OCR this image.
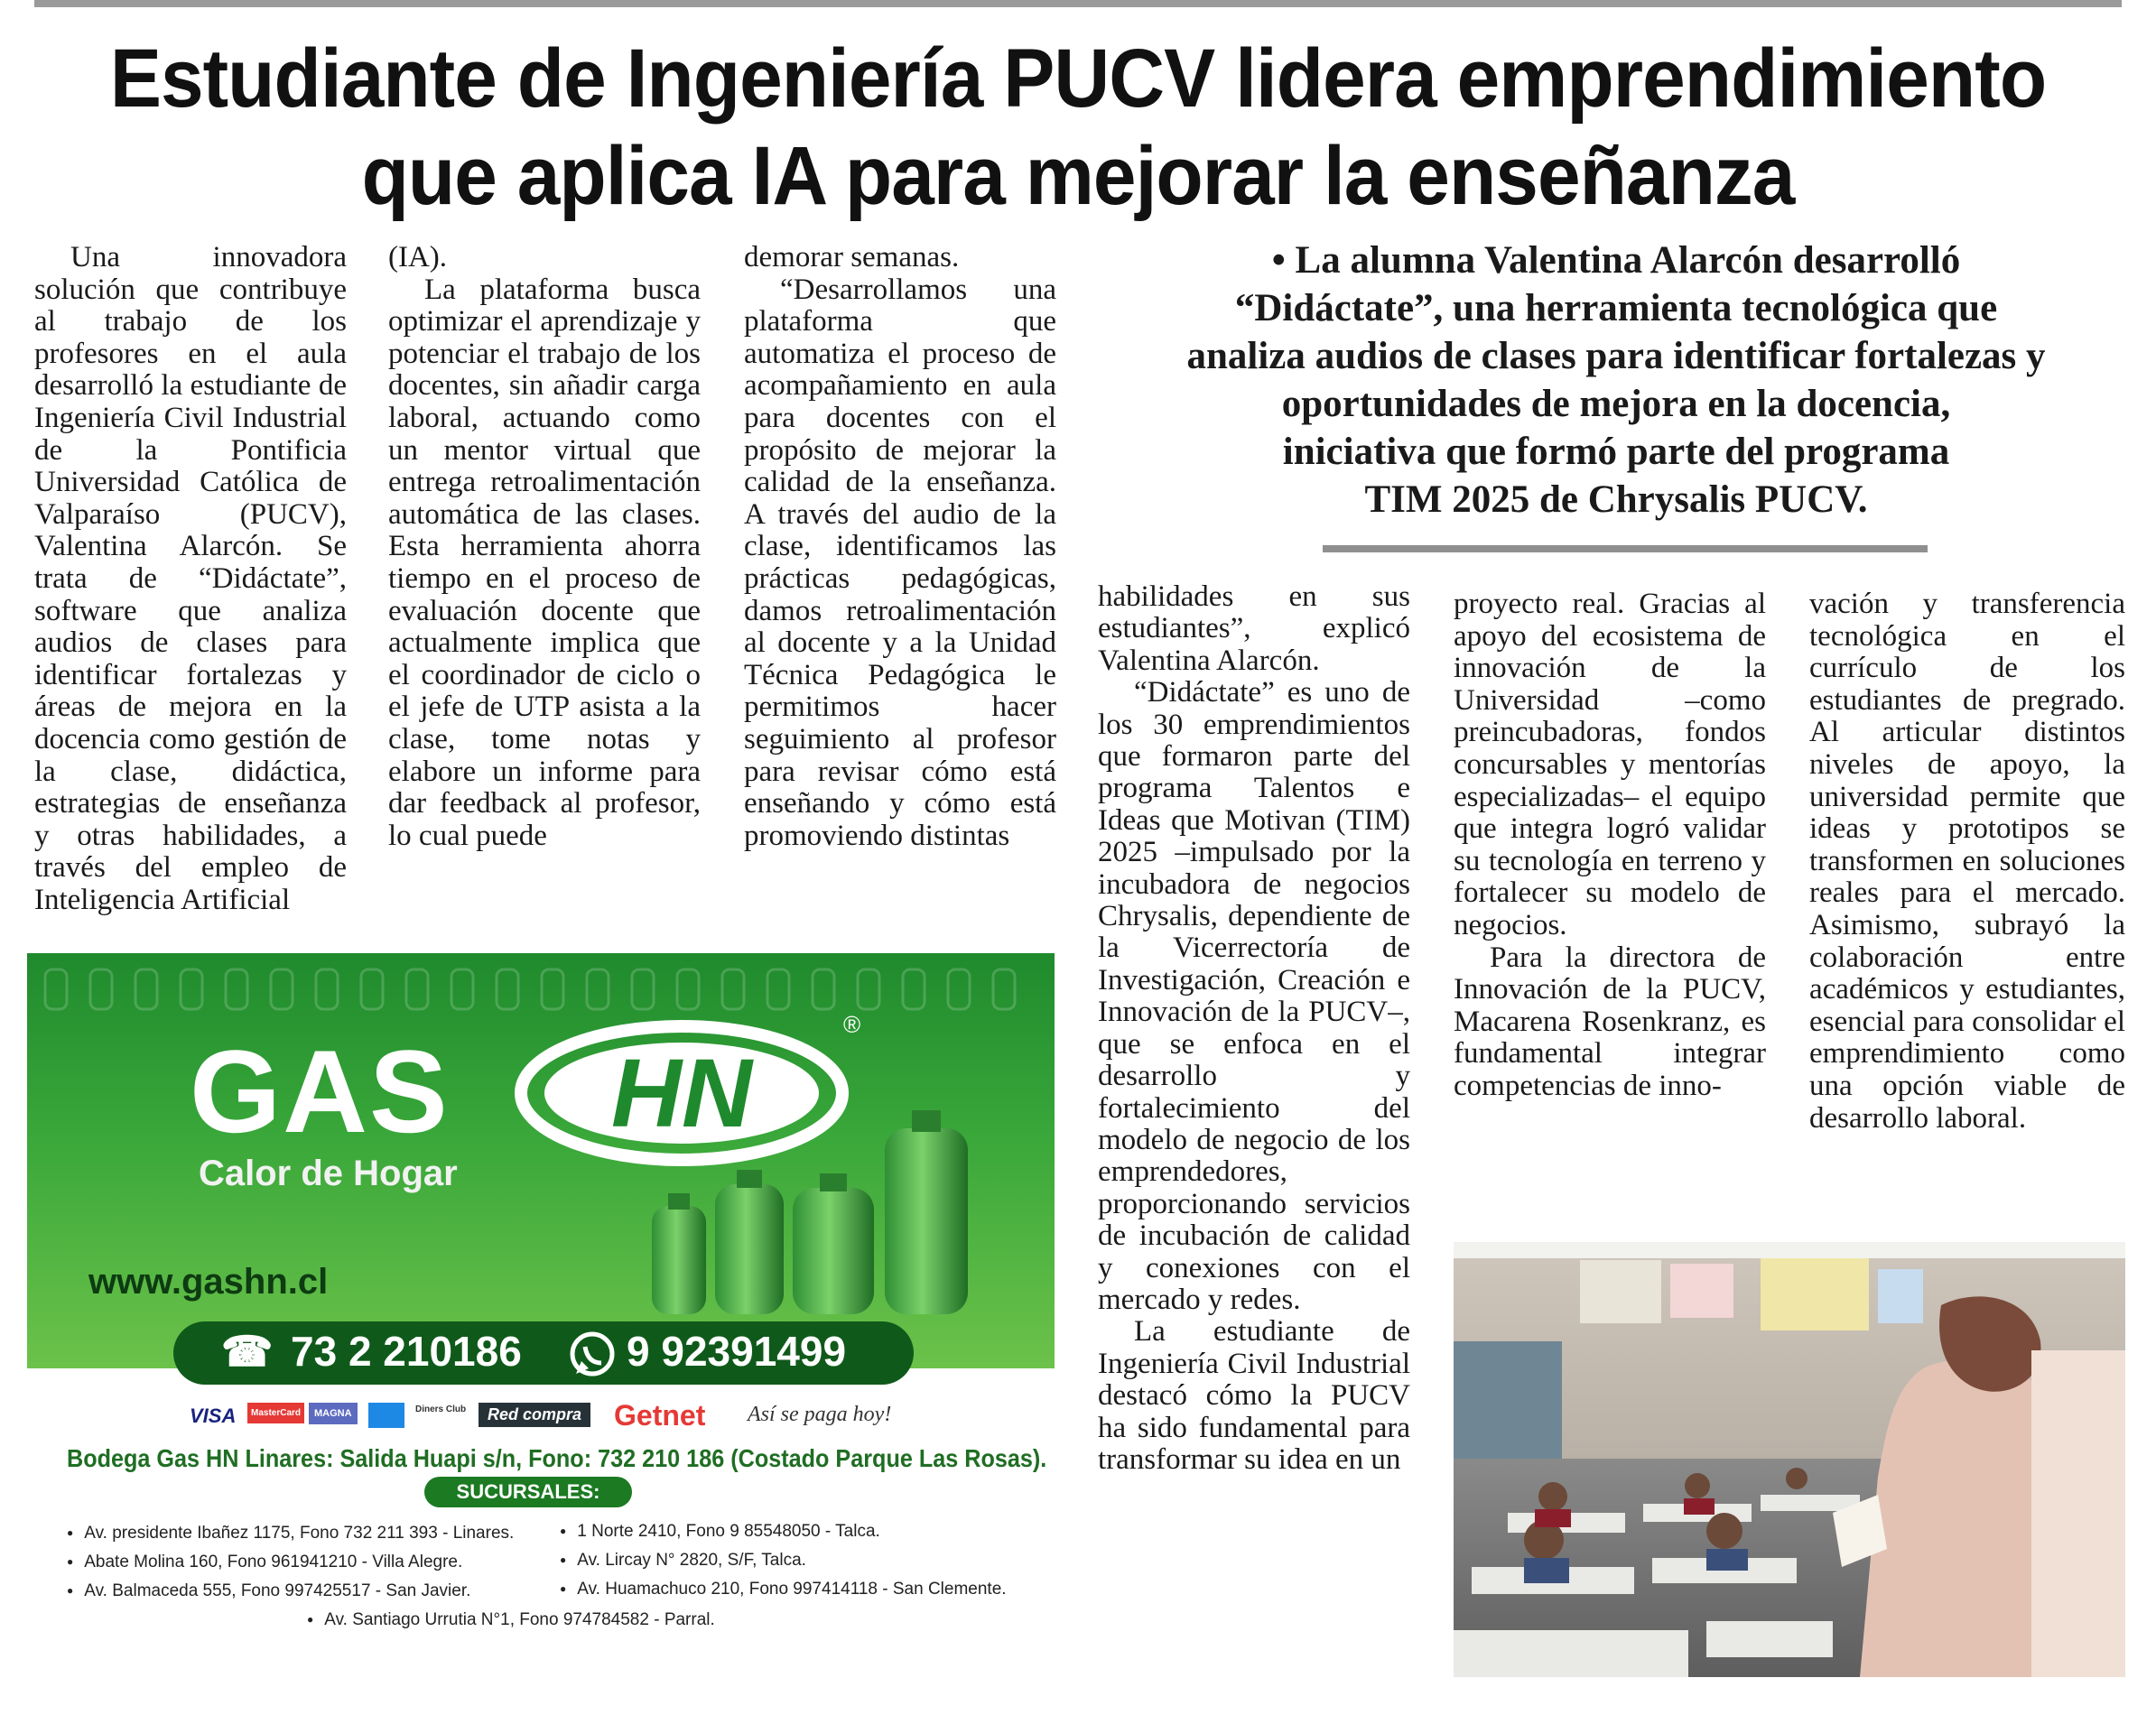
Estudiante de Ingeniería PUCV lidera emprendimiento
que aplica IA para mejorar la enseñanza

Una innovadora solución que contribuye al trabajo de los profesores en el aula desarrolló la estudiante de Ingeniería Civil Industrial de la Pontificia Universidad Católica de Valparaíso (PUCV), Valentina Alarcón. Se trata de “Didáctate”, software que analiza audios de clases para identificar fortalezas y áreas de mejora en la docencia como gestión de la clase, didáctica, estrategias de enseñanza y otras habilidades, a través del empleo de Inteligencia Artificial

(IA).

La plataforma busca optimizar el aprendizaje y potenciar el trabajo de los docentes, sin añadir carga laboral, actuando como un mentor virtual que entrega retroalimentación automática de las clases. Esta herramienta ahorra tiempo en el proceso de evaluación docente que actualmente implica que el coordinador de ciclo o el jefe de UTP asista a la clase, tome notas y elabore un informe para dar feedback al profesor, lo cual puede

demorar semanas.

“Desarrollamos una plataforma que automatiza el proceso de acompañamiento en aula para docentes con el propósito de mejorar la calidad de la enseñanza. A través del audio de la clase, identificamos las prácticas pedagógicas, damos retroalimentación al docente y a la Unidad Técnica Pedagógica le permitimos hacer seguimiento al profesor para revisar cómo está enseñando y cómo está promoviendo distintas

• La alumna Valentina Alarcón desarrolló
“Didáctate”, una herramienta tecnológica que
analiza audios de clases para identificar fortalezas y
oportunidades de mejora en la docencia,
iniciativa que formó parte del programa
TIM 2025 de Chrysalis PUCV.

habilidades en sus estudiantes”, explicó Valentina Alarcón.

“Didáctate” es uno de los 30 emprendimientos que formaron parte del programa Talentos e Ideas que Motivan (TIM) 2025 –impulsado por la incubadora de negocios Chrysalis, dependiente de la Vicerrectoría de Investigación, Creación e Innovación de la PUCV–, que se enfoca en el desarrollo y fortalecimiento del modelo de negocio de los emprendedores, proporcionando servicios de incubación de calidad y conexiones con el mercado y redes.

La estudiante de Ingeniería Civil Industrial destacó cómo la PUCV ha sido fundamental para transformar su idea en un

proyecto real. Gracias al apoyo del ecosistema de innovación de la Universidad –como preincubadoras, fondos concursables y mentorías especializadas– el equipo que integra logró validar su tecnología en terreno y fortalecer su modelo de negocios.

Para la directora de Innovación de la PUCV, Macarena Rosenkranz, es fundamental integrar competencias de inno-

vación y transferencia tecnológica en el currículo de los estudiantes de pregrado. Al articular distintos niveles de apoyo, la universidad permite que ideas y prototipos se transformen en soluciones reales para el mercado. Asimismo, subrayó la colaboración entre académicos y estudiantes, esencial para consolidar el emprendimiento como una opción viable de desarrollo laboral.

GAS HN
®
Calor de Hogar
www.gashn.cl
☎ 73 2 210186	9 92391499
VISA	MasterCard	MAGNA	Diners Club	Red compra	Getnet Así se paga hoy!
Bodega Gas HN Linares: Salida Huapi s/n, Fono: 732 210 186 (Costado Parque Las Rosas).
SUCURSALES:
● Av. presidente Ibañez 1175, Fono 732 211 393 - Linares.
● Abate Molina 160, Fono 961941210 - Villa Alegre.
● Av. Balmaceda 555, Fono 997425517 - San Javier.
● 1 Norte 2410, Fono 9 85548050 - Talca.
● Av. Lircay N° 2820, S/F, Talca.
● Av. Huamachuco 210, Fono 997414118 - San Clemente.
● Av. Santiago Urrutia N°1, Fono 974784582 - Parral.
